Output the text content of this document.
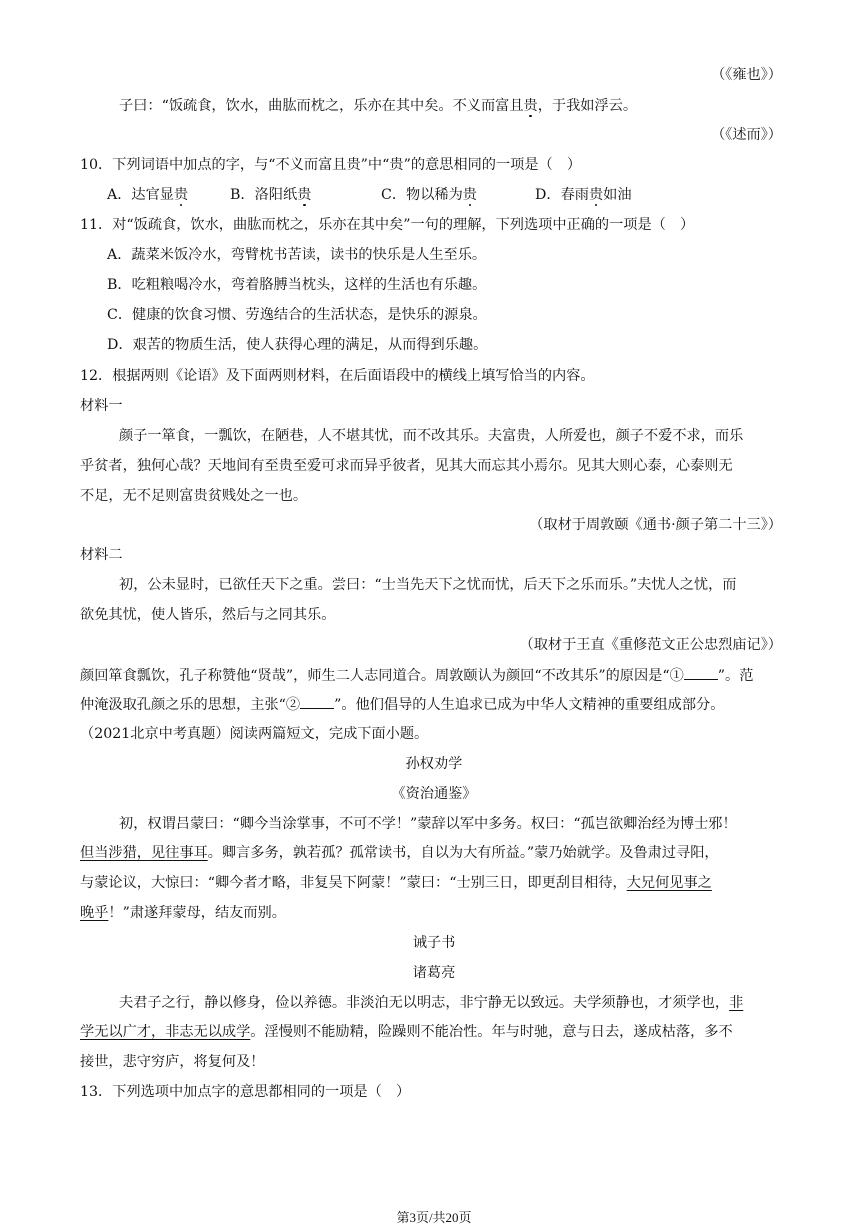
（《雍也》）
子曰：“饭疏食，饮水，曲肱而枕之，乐亦在其中矣。不义而富且贵，于我如浮云。
（《述而》）
10．下列词语中加点的字，与“不义而富且贵”中“贵”的意思相同的一项是（　）
A．达官显贵	B．洛阳纸贵	C．物以稀为贵	D．春雨贵如油
11．对“饭疏食，饮水，曲肱而枕之，乐亦在其中矣”一句的理解，下列选项中正确的一项是（　）
A．蔬菜米饭冷水，弯臂枕书苦读，读书的快乐是人生至乐。
B．吃粗粮喝冷水，弯着胳膊当枕头，这样的生活也有乐趣。
C．健康的饮食习惯、劳逸结合的生活状态，是快乐的源泉。
D．艰苦的物质生活，使人获得心理的满足，从而得到乐趣。
12．根据两则《论语》及下面两则材料，在后面语段中的横线上填写恰当的内容。
材料一
颜子一箪食，一瓢饮，在陋巷，人不堪其忧，而不改其乐。夫富贵，人所爱也，颜子不爱不求，而乐
乎贫者，独何心哉？天地间有至贵至爱可求而异乎彼者，见其大而忘其小焉尔。见其大则心泰，心泰则无
不足，无不足则富贵贫贱处之一也。
（取材于周敦颐《通书·颜子第二十三》）
材料二
初，公未显时，已欲任天下之重。尝曰：“士当先天下之忧而忧，后天下之乐而乐。”夫忧人之忧，而
欲免其忧，使人皆乐，然后与之同其乐。
（取材于王直《重修范文正公忠烈庙记》）
颜回箪食瓢饮，孔子称赞他“贤哉”，师生二人志同道合。周敦颐认为颜回“不改其乐”的原因是“① ”。范
仲淹汲取孔颜之乐的思想，主张“② ”。他们倡导的人生追求已成为中华人文精神的重要组成部分。
（2021北京中考真题）阅读两篇短文，完成下面小题。
孙权劝学
《资治通鉴》
初，权谓吕蒙曰：“卿今当涂掌事，不可不学！”蒙辞以军中多务。权曰：“孤岂欲卿治经为博士邪！
但当涉猎，见往事耳。卿言多务，孰若孤？孤常读书，自以为大有所益。”蒙乃始就学。及鲁肃过寻阳，
与蒙论议，大惊曰：“卿今者才略，非复吴下阿蒙！”蒙曰：“士别三日，即更刮目相待，大兄何见事之
晚乎！”肃遂拜蒙母，结友而别。
诫子书
诸葛亮
夫君子之行，静以修身，俭以养德。非淡泊无以明志，非宁静无以致远。夫学须静也，才须学也，非
学无以广才，非志无以成学。淫慢则不能励精，险躁则不能冶性。年与时驰，意与日去，遂成枯落，多不
接世，悲守穷庐，将复何及！
13．下列选项中加点字的意思都相同的一项是（　）
第3页/共20页
